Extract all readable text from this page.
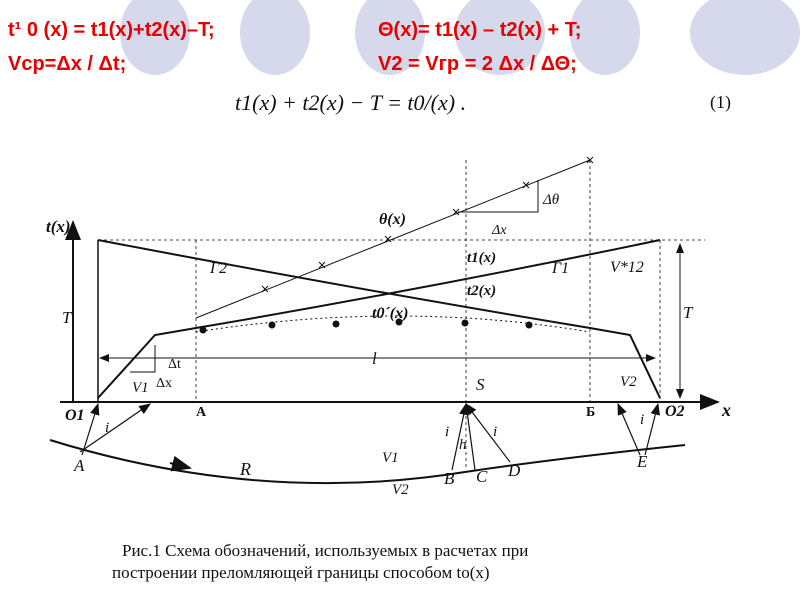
t¹ 0 (x) = t1(x)+t2(x)–T;	Θ(x)= t1(x) – t2(x) + T;
Vср=Δx / Δt;	V2 = Vгр = 2 Δx / ΔΘ;
t1(x) + t2(x) − T = t0/(x) .	(1)
t(x)
x
T	T
O1	O2
A	Б
S
θ(x)
Δθ
Δx
Г2	Г1
t1(x)
t2(x)
t0´(x)
V*12
l
Δt
Δx
V1	V2
i	i	i
h
i
A	R
V1
V2
B C D	E
Рис.1 Схема обозначений, используемых в расчетах при
построении преломляющей границы способом to(x)
